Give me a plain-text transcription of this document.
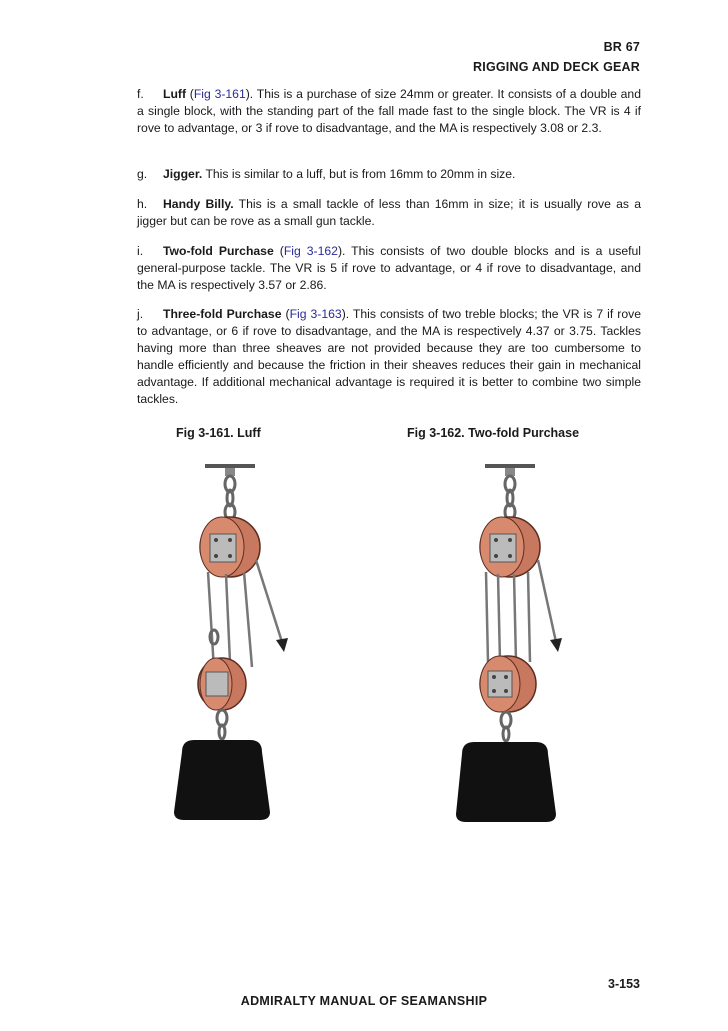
BR 67
RIGGING AND DECK GEAR

f. Luff (Fig 3-161). This is a purchase of size 24mm or greater. It consists of a double and a single block, with the standing part of the fall made fast to the single block. The VR is 4 if rove to advantage, or 3 if rove to disadvantage, and the MA is respectively 3.08 or 2.3.

g. Jigger. This is similar to a luff, but is from 16mm to 20mm in size.

h. Handy Billy. This is a small tackle of less than 16mm in size; it is usually rove as a jigger but can be rove as a small gun tackle.

i. Two-fold Purchase (Fig 3-162). This consists of two double blocks and is a useful general-purpose tackle. The VR is 5 if rove to advantage, or 4 if rove to disadvantage, and the MA is respectively 3.57 or 2.86.

j. Three-fold Purchase (Fig 3-163). This consists of two treble blocks; the VR is 7 if rove to advantage, or 6 if rove to disadvantage, and the MA is respectively 4.37 or 3.75. Tackles having more than three sheaves are not provided because they are too cumbersome to handle efficiently and because the friction in their sheaves reduces their gain in mechanical advantage. If additional mechanical advantage is required it is better to combine two simple tackles.

Fig 3-161. Luff	Fig 3-162. Two-fold Purchase
3-153
ADMIRALTY MANUAL OF SEAMANSHIP
